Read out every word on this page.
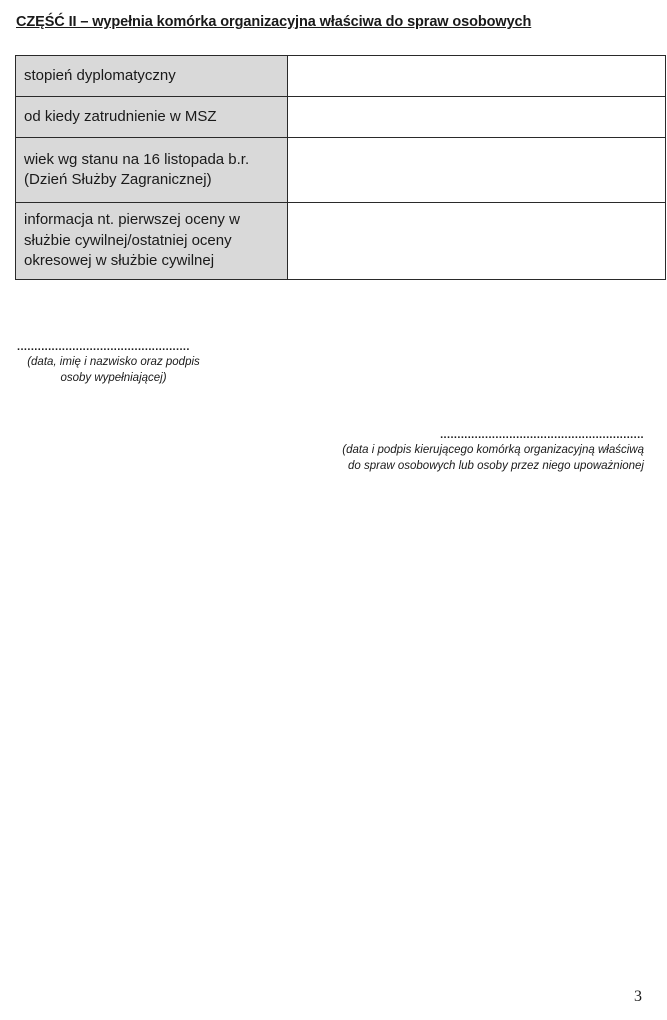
CZĘŚĆ II – wypełnia komórka organizacyjna właściwa do spraw osobowych
stopień dyplomatyczny	

od kiedy zatrudnienie w MSZ	

wiek wg stanu na 16 listopada b.r. (Dzień Służby Zagranicznej)	

informacja nt. pierwszej oceny w służbie cywilnej/ostatniej oceny okresowej w służbie cywilnej	

..................................................
(data, imię i nazwisko oraz podpis osoby wypełniającej)
...........................................................
(data i podpis kierującego komórką organizacyjną właściwą
do spraw osobowych lub osoby przez niego upoważnionej
3
